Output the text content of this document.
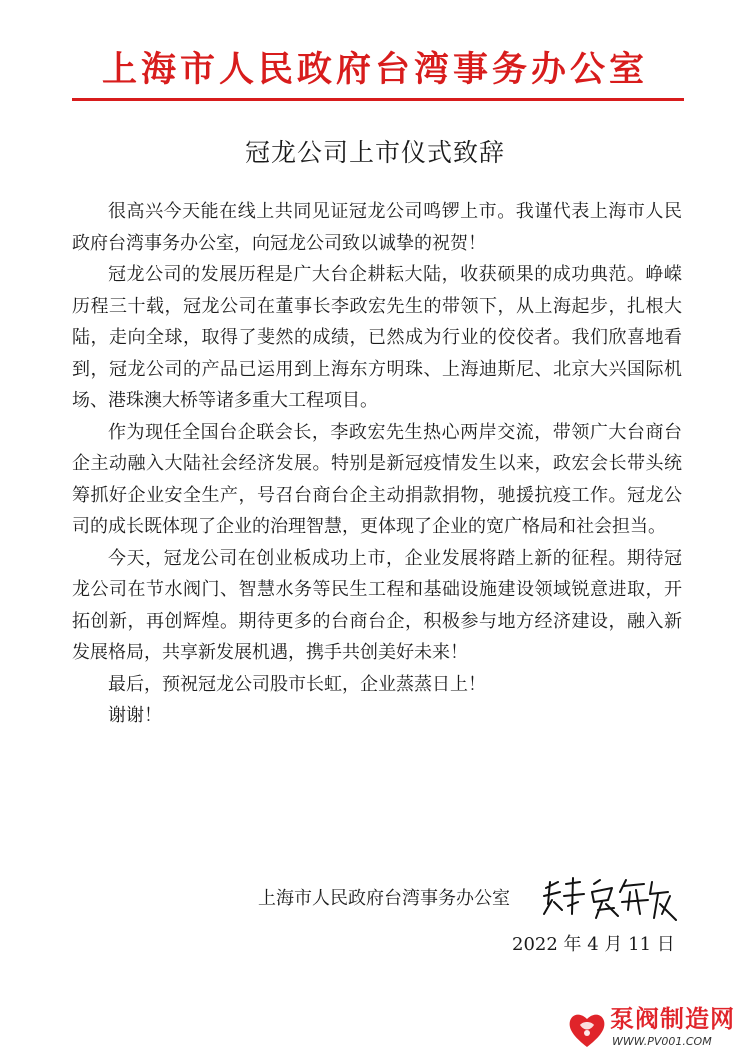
上海市人民政府台湾事务办公室
冠龙公司上市仪式致辞

很高兴今天能在线上共同见证冠龙公司鸣锣上市。我谨代表上海市人民政府台湾事务办公室，向冠龙公司致以诚挚的祝贺！

冠龙公司的发展历程是广大台企耕耘大陆，收获硕果的成功典范。峥嵘历程三十载，冠龙公司在董事长李政宏先生的带领下，从上海起步，扎根大陆，走向全球，取得了斐然的成绩，已然成为行业的佼佼者。我们欣喜地看到，冠龙公司的产品已运用到上海东方明珠、上海迪斯尼、北京大兴国际机场、港珠澳大桥等诸多重大工程项目。

作为现任全国台企联会长，李政宏先生热心两岸交流，带领广大台商台企主动融入大陆社会经济发展。特别是新冠疫情发生以来，政宏会长带头统筹抓好企业安全生产，号召台商台企主动捐款捐物，驰援抗疫工作。冠龙公司的成长既体现了企业的治理智慧，更体现了企业的宽广格局和社会担当。

今天，冠龙公司在创业板成功上市，企业发展将踏上新的征程。期待冠龙公司在节水阀门、智慧水务等民生工程和基础设施建设领域锐意进取，开拓创新，再创辉煌。期待更多的台商台企，积极参与地方经济建设，融入新发展格局，共享新发展机遇，携手共创美好未来！

最后，预祝冠龙公司股市长虹，企业蒸蒸日上！

谢谢！

上海市人民政府台湾事务办公室
2022 年 4 月 11 日
泵阀制造网
WWW.PV001.COM
